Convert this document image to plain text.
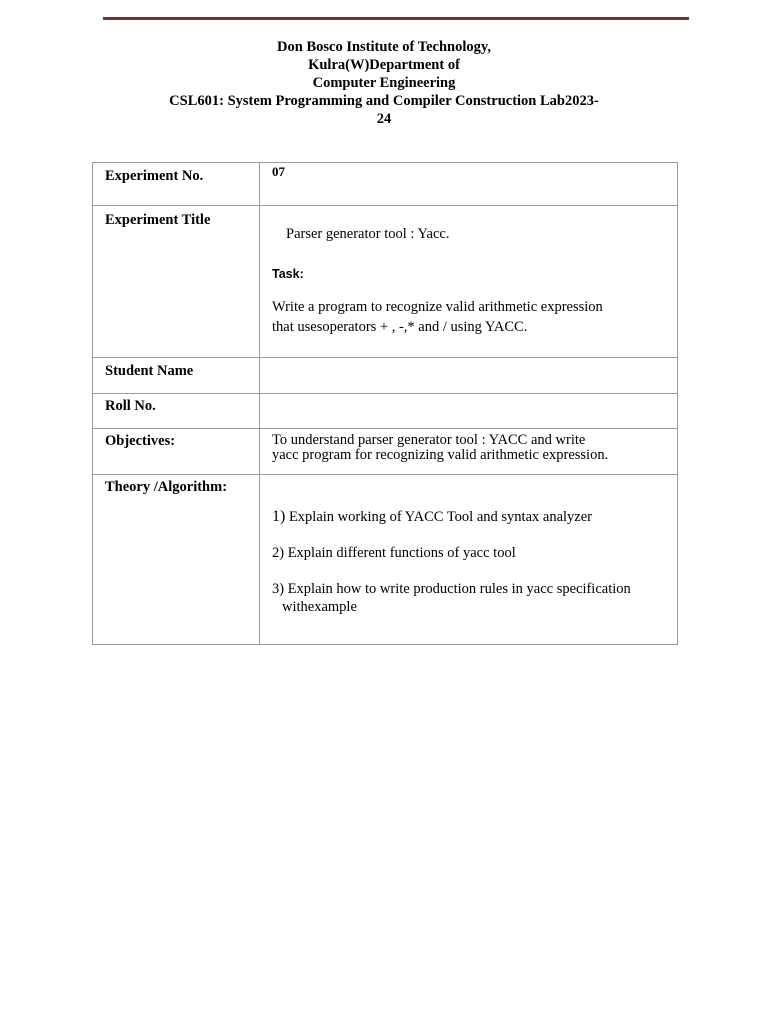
Don Bosco Institute of Technology,
Kulra(W)Department of
Computer Engineering
CSL601: System Programming and Compiler Construction Lab2023-
24
Experiment No.	07
Experiment Title	Parser generator tool : Yacc.
Task:
Write a program to recognize valid arithmetic expression
that usesoperators + , -,* and / using YACC.

Student Name	
Roll No.	
Objectives:	To understand parser generator tool : YACC and write
yacc program for recognizing valid arithmetic expression.

Theory /Algorithm:	1) Explain working of YACC Tool and syntax analyzer
2) Explain different functions of yacc tool
3) Explain how to write production rules in yacc specification
withexample
